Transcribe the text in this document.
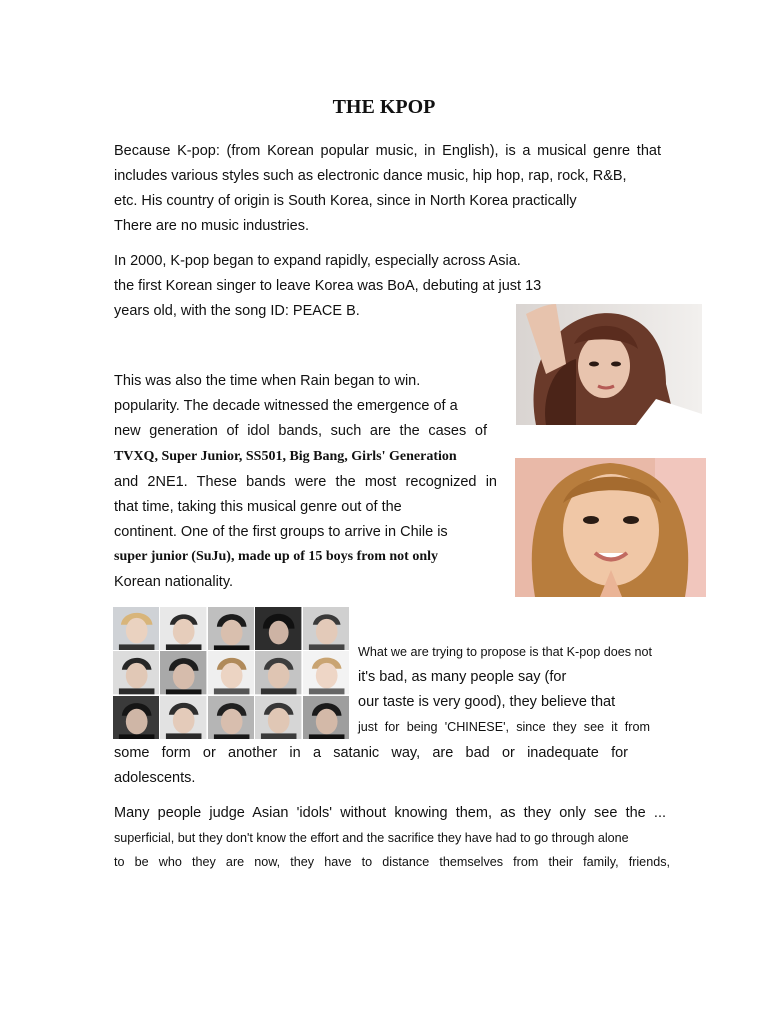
THE KPOP
Because K-pop: (from Korean popular music, in English), is a musical genre that
includes various styles such as electronic dance music, hip hop, rap, rock, R&B,
etc. His country of origin is South Korea, since in North Korea practically
There are no music industries.
In 2000, K-pop began to expand rapidly, especially across Asia.
the first Korean singer to leave Korea was BoA, debuting at just 13
years old, with the song ID: PEACE B.
This was also the time when Rain began to win.
popularity. The decade witnessed the emergence of a
new generation of idol bands, such are the cases of
TVXQ, Super Junior, SS501, Big Bang, Girls' Generation
and 2NE1. These bands were the most recognized in
that time, taking this musical genre out of the
continent. One of the first groups to arrive in Chile is
super junior (SuJu), made up of 15 boys from not only
Korean nationality.
What we are trying to propose is that K-pop does not
it's bad, as many people say (for
our taste is very good), they believe that
just for being 'CHINESE', since they see it from
some form or another in a satanic way, are bad or inadequate for
adolescents.
Many people judge Asian 'idols' without knowing them, as they only see the ...
superficial, but they don't know the effort and the sacrifice they have had to go through alone
to be who they are now, they have to distance themselves from their family, friends,
